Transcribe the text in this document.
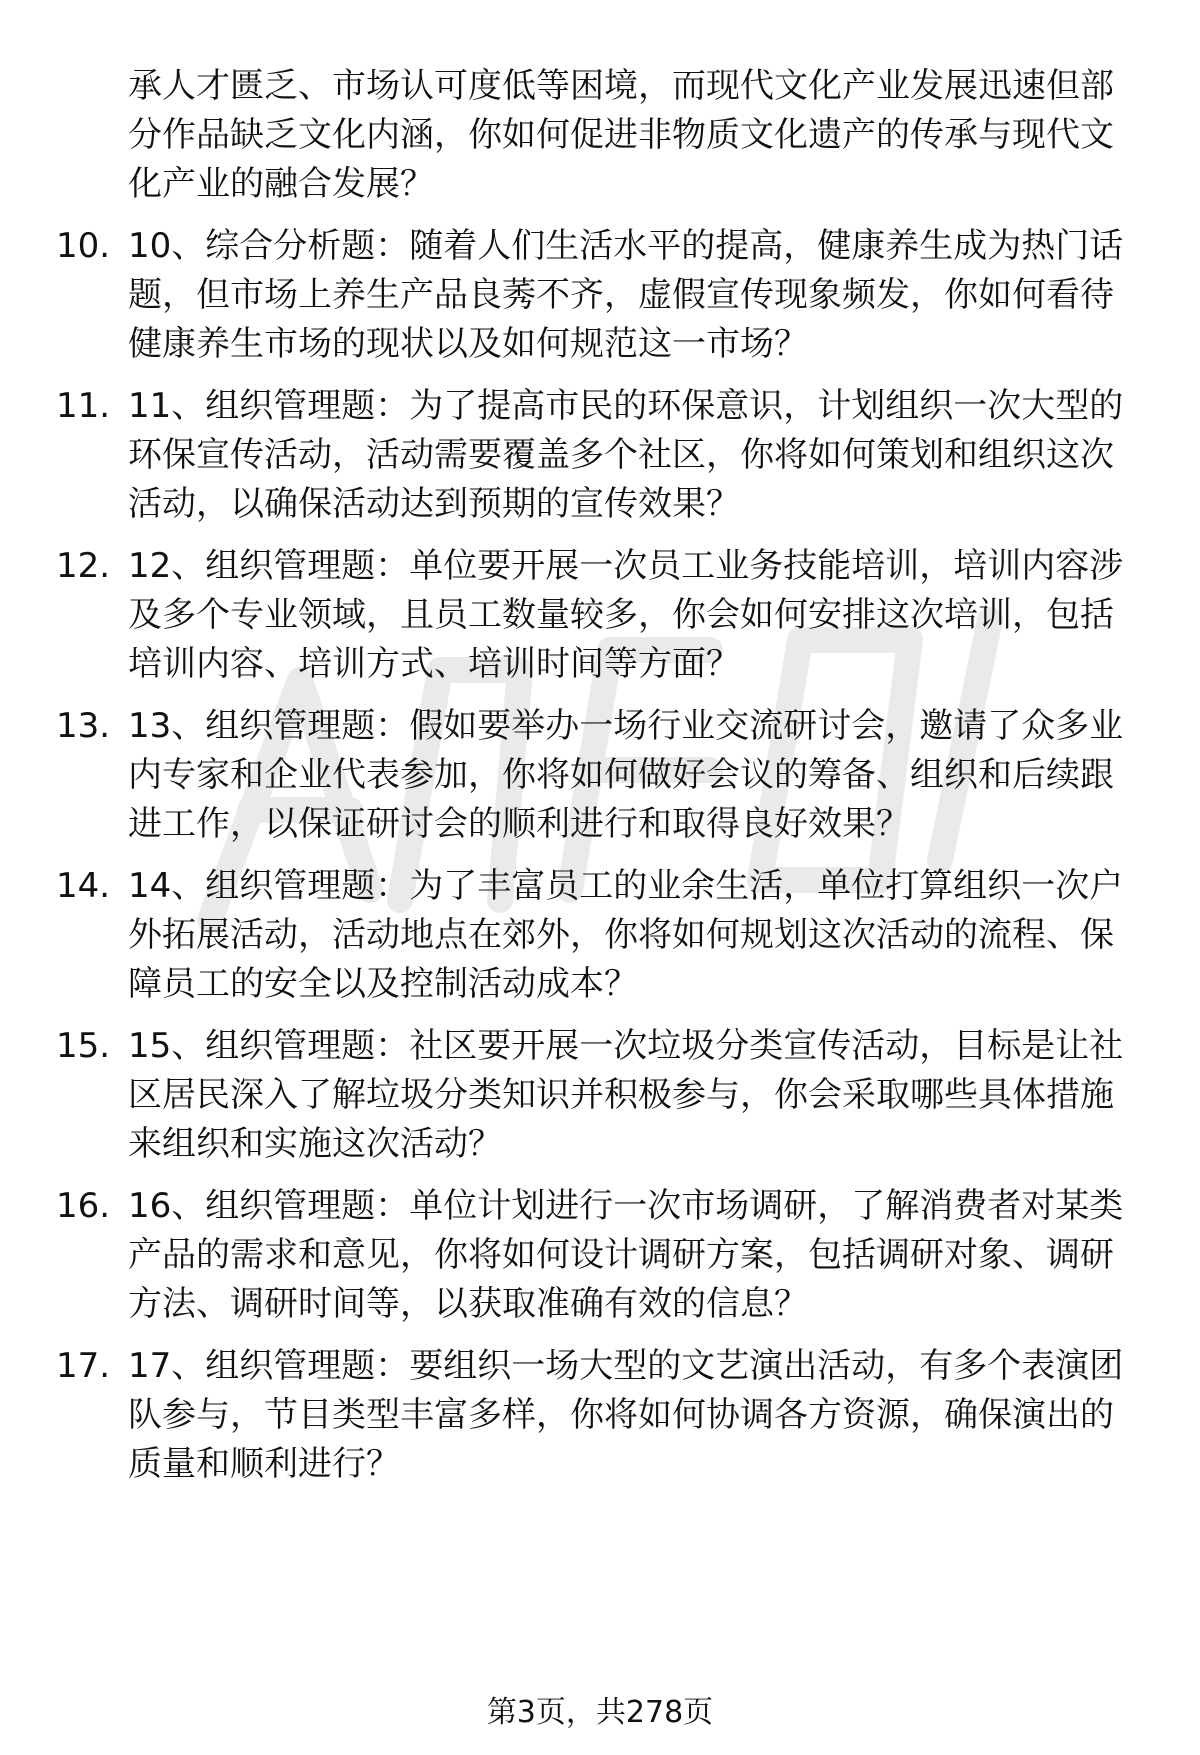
承人才匮乏、市场认可度低等困境，而现代文化产业发展迅速但部分作品缺乏文化内涵，你如何促进非物质文化遗产的传承与现代文化产业的融合发展？
10. 10、综合分析题：随着人们生活水平的提高，健康养生成为热门话题，但市场上养生产品良莠不齐，虚假宣传现象频发，你如何看待健康养生市场的现状以及如何规范这一市场？
11. 11、组织管理题：为了提高市民的环保意识，计划组织一次大型的环保宣传活动，活动需要覆盖多个社区，你将如何策划和组织这次活动，以确保活动达到预期的宣传效果？
12. 12、组织管理题：单位要开展一次员工业务技能培训，培训内容涉及多个专业领域，且员工数量较多，你会如何安排这次培训，包括培训内容、培训方式、培训时间等方面？
13. 13、组织管理题：假如要举办一场行业交流研讨会，邀请了众多业内专家和企业代表参加，你将如何做好会议的筹备、组织和后续跟进工作，以保证研讨会的顺利进行和取得良好效果？
14. 14、组织管理题：为了丰富员工的业余生活，单位打算组织一次户外拓展活动，活动地点在郊外，你将如何规划这次活动的流程、保障员工的安全以及控制活动成本？
15. 15、组织管理题：社区要开展一次垃圾分类宣传活动，目标是让社区居民深入了解垃圾分类知识并积极参与，你会采取哪些具体措施来组织和实施这次活动？
16. 16、组织管理题：单位计划进行一次市场调研，了解消费者对某类产品的需求和意见，你将如何设计调研方案，包括调研对象、调研方法、调研时间等，以获取准确有效的信息？
17. 17、组织管理题：要组织一场大型的文艺演出活动，有多个表演团队参与，节目类型丰富多样，你将如何协调各方资源，确保演出的质量和顺利进行？
第3页，共278页
